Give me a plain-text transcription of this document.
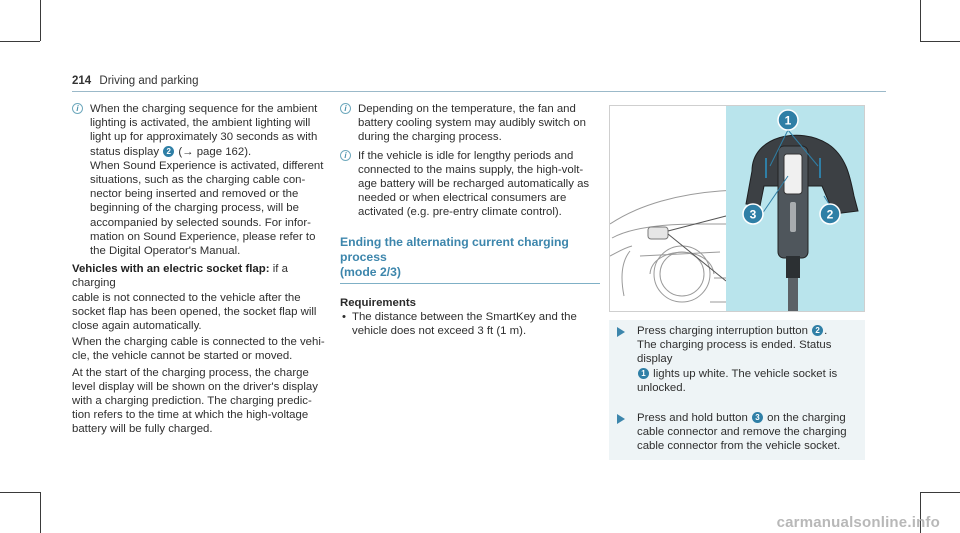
214 Driving and parking
i When the charging sequence for the ambient
lighting is activated, the ambient lighting will
light up for approximately 30 seconds as with
status display 2 (→ page 162).
When Sound Experience is activated, different
situations, such as the charging cable con-
nector being inserted and removed or the
beginning of the charging process, will be
accompanied by selected sounds. For infor-
mation on Sound Experience, please refer to
the Digital Operator's Manual.
Vehicles with an electric socket flap: if a charging
cable is not connected to the vehicle after the
socket flap has been opened, the socket flap will
close again automatically.
When the charging cable is connected to the vehi-
cle, the vehicle cannot be started or moved.
At the start of the charging process, the charge
level display will be shown on the driver's display
with a charging prediction. The charging predic-
tion refers to the time at which the high-voltage
battery will be fully charged.
i Depending on the temperature, the fan and
battery cooling system may audibly switch on
during the charging process.
i If the vehicle is idle for lengthy periods and
connected to the mains supply, the high-volt-
age battery will be recharged automatically as
needed or when electrical consumers are
activated (e.g. pre-entry climate control).
Ending the alternating current charging process
(mode 2/3)
Requirements
• The distance between the SmartKey and the
vehicle does not exceed 3 ft (1 m).
1
2
3
Press charging interruption button 2 .
The charging process is ended. Status display
1 lights up white. The vehicle socket is
unlocked.
Press and hold button 3 on the charging
cable connector and remove the charging
cable connector from the vehicle socket.
carmanualsonline.info
